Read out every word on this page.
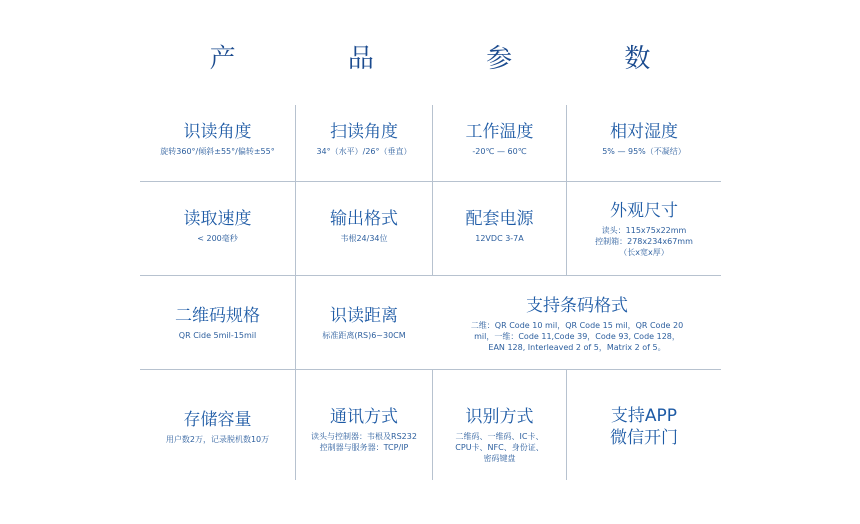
产 品 参 数
识读角度
旋转360°/倾斜±55°/偏转±55°
扫读角度
34°（水平）/26°（垂直）
工作温度
-20℃ — 60℃
相对湿度
5% — 95%（不凝结）
读取速度
< 200毫秒
输出格式
韦根24/34位
配套电源
12VDC 3-7A
外观尺寸
读头：115x75x22mm
控制箱：278x234x67mm
（长x宽x厚）
二维码规格
QR Cide 5mil-15mil
识读距离
标准距离(RS)6~30CM
支持条码格式
二维：QR Code 10 mil，QR Code 15 mil，QR Code 20
mil，一维：Code 11,Code 39，Code 93, Code 128，
EAN 128, Interleaved 2 of 5，Matrix 2 of 5。
存储容量
用户数2万，记录脱机数10万
通讯方式
读头与控制器：韦根及RS232
控制器与服务器：TCP/IP
识别方式
二维码、一维码、IC卡、
CPU卡、NFC、身份证、
密码键盘
支持APP
微信开门
